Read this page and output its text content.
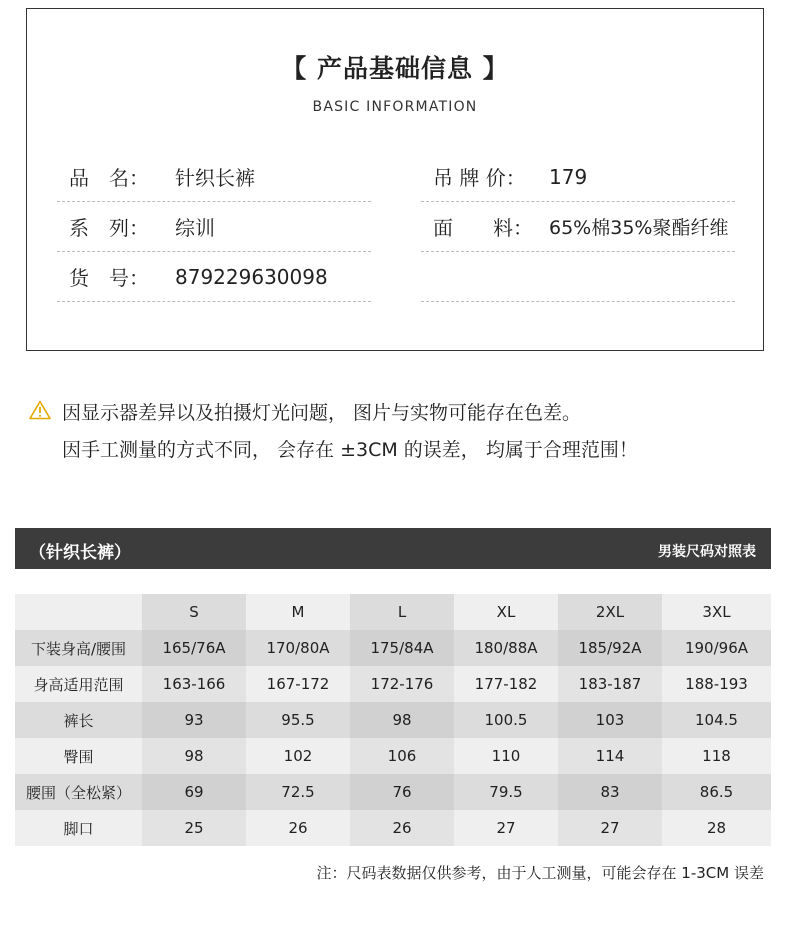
【 产品基础信息 】
BASIC INFORMATION
品　名：	针织长裤
系　列：	综训
货　号：	879229630098
吊 牌 价：	179
面　　料： 65%棉35%聚酯纤维
因显示器差异以及拍摄灯光问题， 图片与实物可能存在色差。
因手工测量的方式不同， 会存在 ±3CM 的误差， 均属于合理范围！
（针织长裤）	男装尺码对照表
	S	M	L	XL	2XL	3XL
下装身高/腰围	165/76A	170/80A	175/84A	180/88A	185/92A	190/96A
身高适用范围	163-166	167-172	172-176	177-182	183-187	188-193
裤长	93	95.5	98	100.5	103	104.5
臀围	98	102	106	110	114	118
腰围（全松紧）	69	72.5	76	79.5	83	86.5
脚口	25	26	26	27	27	28
注：尺码表数据仅供参考，由于人工测量，可能会存在 1-3CM 误差
